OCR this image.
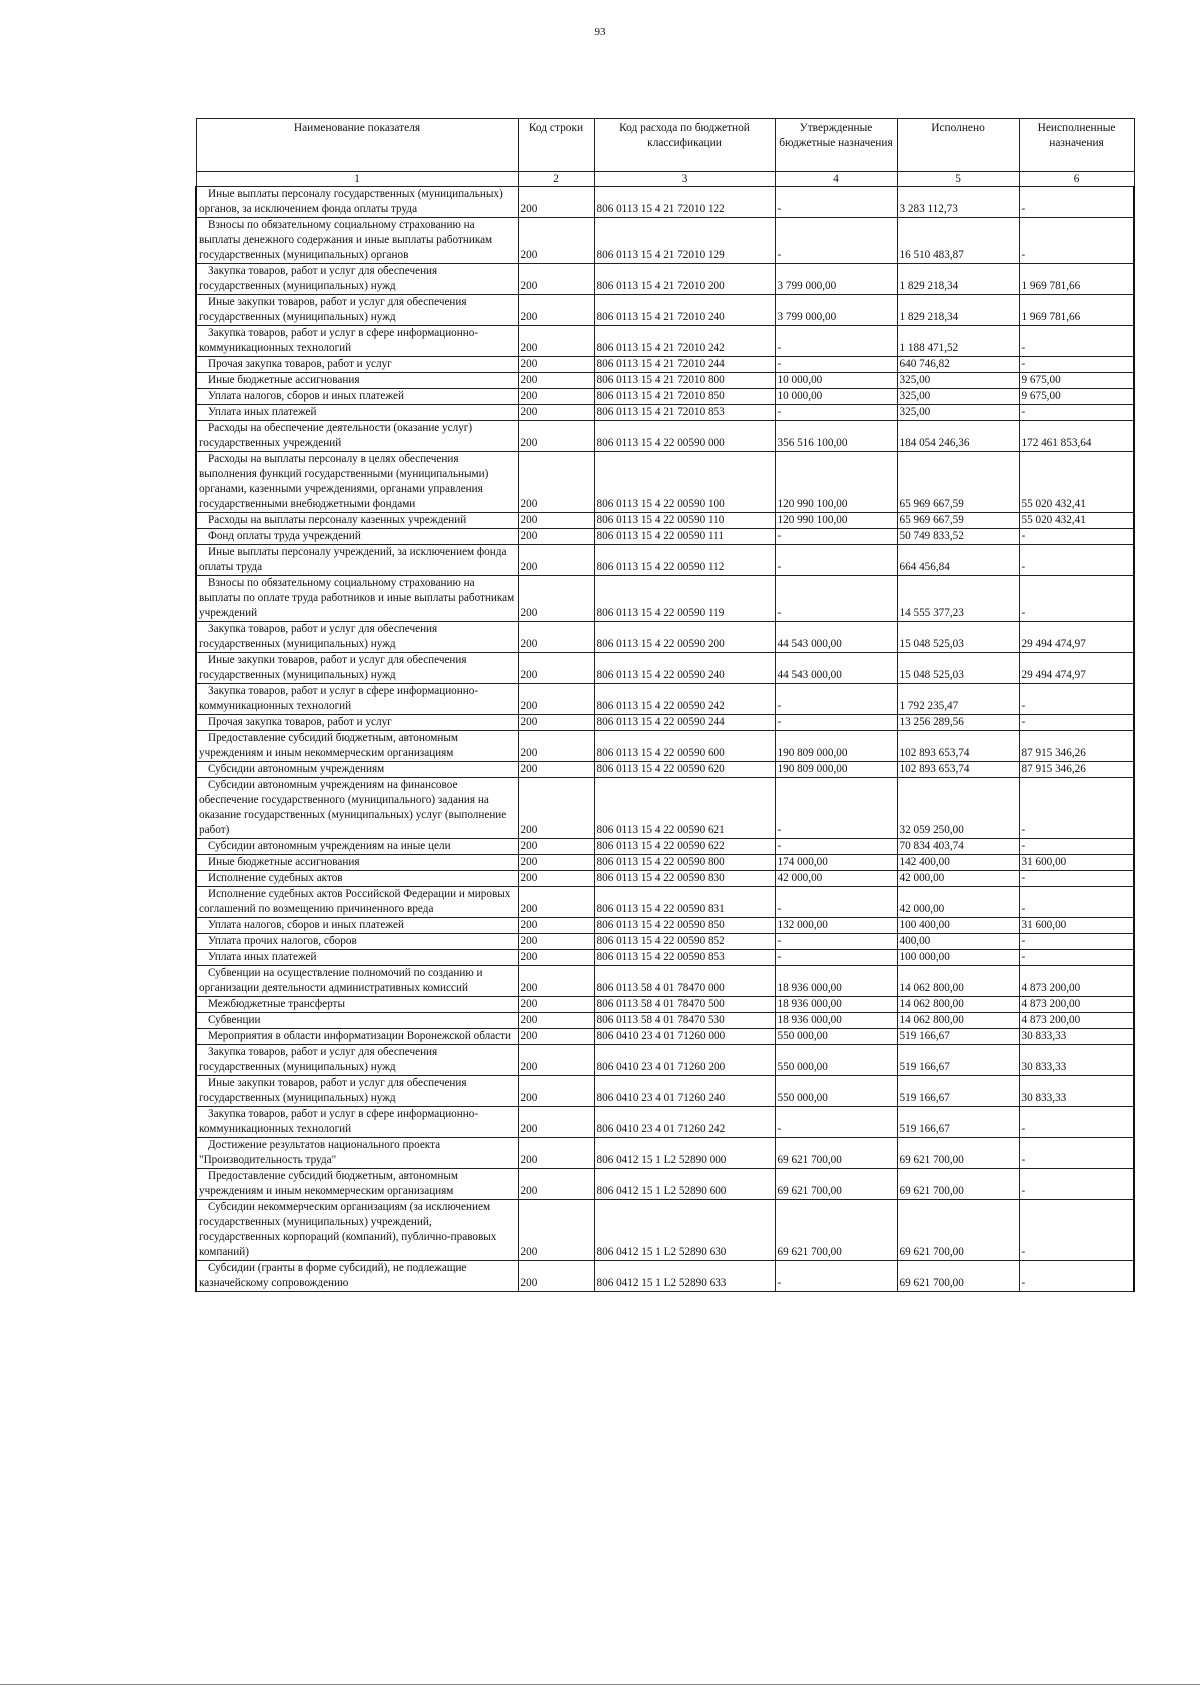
93
Наименование показателя	Код строки	Код расхода по бюджетной классификации	Утвержденные бюджетные назначения	Исполнено	Неисполненные назначения
1	2	3	4	5	6
Иные выплаты персоналу государственных (муниципальных) органов, за исключением фонда оплаты труда	200	806 0113 15 4 21 72010 122	-	3 283 112,73	-
Взносы по обязательному социальному страхованию на выплаты денежного содержания и иные выплаты работникам государственных (муниципальных) органов	200	806 0113 15 4 21 72010 129	-	16 510 483,87	-
Закупка товаров, работ и услуг для обеспечения государственных (муниципальных) нужд	200	806 0113 15 4 21 72010 200	3 799 000,00	1 829 218,34	1 969 781,66
Иные закупки товаров, работ и услуг для обеспечения государственных (муниципальных) нужд	200	806 0113 15 4 21 72010 240	3 799 000,00	1 829 218,34	1 969 781,66
Закупка товаров, работ и услуг в сфере информационно-коммуникационных технологий	200	806 0113 15 4 21 72010 242	-	1 188 471,52	-
Прочая закупка товаров, работ и услуг	200	806 0113 15 4 21 72010 244	-	640 746,82	-
Иные бюджетные ассигнования	200	806 0113 15 4 21 72010 800	10 000,00	325,00	9 675,00
Уплата налогов, сборов и иных платежей	200	806 0113 15 4 21 72010 850	10 000,00	325,00	9 675,00
Уплата иных платежей	200	806 0113 15 4 21 72010 853	-	325,00	-
Расходы на обеспечение деятельности (оказание услуг) государственных учреждений	200	806 0113 15 4 22 00590 000	356 516 100,00	184 054 246,36	172 461 853,64
Расходы на выплаты персоналу в целях обеспечения выполнения функций государственными (муниципальными) органами, казенными учреждениями, органами управления государственными внебюджетными фондами	200	806 0113 15 4 22 00590 100	120 990 100,00	65 969 667,59	55 020 432,41
Расходы на выплаты персоналу казенных учреждений	200	806 0113 15 4 22 00590 110	120 990 100,00	65 969 667,59	55 020 432,41
Фонд оплаты труда учреждений	200	806 0113 15 4 22 00590 111	-	50 749 833,52	-
Иные выплаты персоналу учреждений, за исключением фонда оплаты труда	200	806 0113 15 4 22 00590 112	-	664 456,84	-
Взносы по обязательному социальному страхованию на выплаты по оплате труда работников и иные выплаты работникам учреждений	200	806 0113 15 4 22 00590 119	-	14 555 377,23	-
Закупка товаров, работ и услуг для обеспечения государственных (муниципальных) нужд	200	806 0113 15 4 22 00590 200	44 543 000,00	15 048 525,03	29 494 474,97
Иные закупки товаров, работ и услуг для обеспечения государственных (муниципальных) нужд	200	806 0113 15 4 22 00590 240	44 543 000,00	15 048 525,03	29 494 474,97
Закупка товаров, работ и услуг в сфере информационно-коммуникационных технологий	200	806 0113 15 4 22 00590 242	-	1 792 235,47	-
Прочая закупка товаров, работ и услуг	200	806 0113 15 4 22 00590 244	-	13 256 289,56	-
Предоставление субсидий бюджетным, автономным учреждениям и иным некоммерческим организациям	200	806 0113 15 4 22 00590 600	190 809 000,00	102 893 653,74	87 915 346,26
Субсидии автономным учреждениям	200	806 0113 15 4 22 00590 620	190 809 000,00	102 893 653,74	87 915 346,26
Субсидии автономным учреждениям на финансовое обеспечение государственного (муниципального) задания на оказание государственных (муниципальных) услуг (выполнение работ)	200	806 0113 15 4 22 00590 621	-	32 059 250,00	-
Субсидии автономным учреждениям на иные цели	200	806 0113 15 4 22 00590 622	-	70 834 403,74	-
Иные бюджетные ассигнования	200	806 0113 15 4 22 00590 800	174 000,00	142 400,00	31 600,00
Исполнение судебных актов	200	806 0113 15 4 22 00590 830	42 000,00	42 000,00	-
Исполнение судебных актов Российской Федерации и мировых соглашений по возмещению причиненного вреда	200	806 0113 15 4 22 00590 831	-	42 000,00	-
Уплата налогов, сборов и иных платежей	200	806 0113 15 4 22 00590 850	132 000,00	100 400,00	31 600,00
Уплата прочих налогов, сборов	200	806 0113 15 4 22 00590 852	-	400,00	-
Уплата иных платежей	200	806 0113 15 4 22 00590 853	-	100 000,00	-
Субвенции на осуществление полномочий по созданию и организации деятельности административных комиссий	200	806 0113 58 4 01 78470 000	18 936 000,00	14 062 800,00	4 873 200,00
Межбюджетные трансферты	200	806 0113 58 4 01 78470 500	18 936 000,00	14 062 800,00	4 873 200,00
Субвенции	200	806 0113 58 4 01 78470 530	18 936 000,00	14 062 800,00	4 873 200,00
Мероприятия в области информатизации Воронежской области	200	806 0410 23 4 01 71260 000	550 000,00	519 166,67	30 833,33
Закупка товаров, работ и услуг для обеспечения государственных (муниципальных) нужд	200	806 0410 23 4 01 71260 200	550 000,00	519 166,67	30 833,33
Иные закупки товаров, работ и услуг для обеспечения государственных (муниципальных) нужд	200	806 0410 23 4 01 71260 240	550 000,00	519 166,67	30 833,33
Закупка товаров, работ и услуг в сфере информационно-коммуникационных технологий	200	806 0410 23 4 01 71260 242	-	519 166,67	-
Достижение результатов национального проекта "Производительность труда"	200	806 0412 15 1 L2 52890 000	69 621 700,00	69 621 700,00	-
Предоставление субсидий бюджетным, автономным учреждениям и иным некоммерческим организациям	200	806 0412 15 1 L2 52890 600	69 621 700,00	69 621 700,00	-
Субсидии некоммерческим организациям (за исключением государственных (муниципальных) учреждений, государственных корпораций (компаний), публично-правовых компаний)	200	806 0412 15 1 L2 52890 630	69 621 700,00	69 621 700,00	-
Субсидии (гранты в форме субсидий), не подлежащие казначейскому сопровождению	200	806 0412 15 1 L2 52890 633	-	69 621 700,00	-
